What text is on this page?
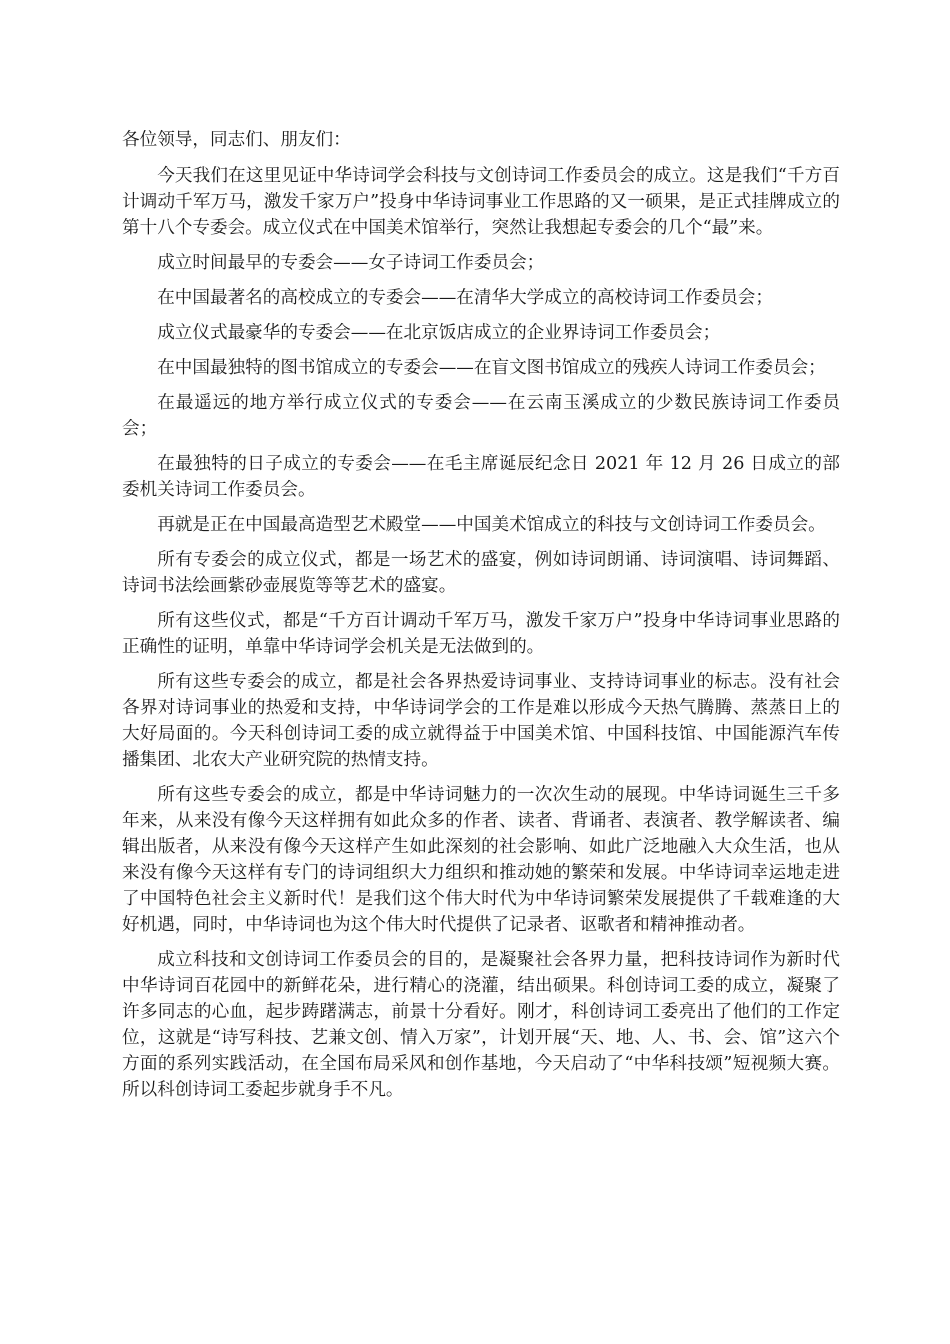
各位领导，同志们、朋友们：

今天我们在这里见证中华诗词学会科技与文创诗词工作委员会的成立。这是我们“千方百计调动千军万马，激发千家万户”投身中华诗词事业工作思路的又一硕果，是正式挂牌成立的第十八个专委会。成立仪式在中国美术馆举行，突然让我想起专委会的几个“最”来。

成立时间最早的专委会——女子诗词工作委员会；

在中国最著名的高校成立的专委会——在清华大学成立的高校诗词工作委员会；

成立仪式最豪华的专委会——在北京饭店成立的企业界诗词工作委员会；

在中国最独特的图书馆成立的专委会——在盲文图书馆成立的残疾人诗词工作委员会；

在最遥远的地方举行成立仪式的专委会——在云南玉溪成立的少数民族诗词工作委员会；

在最独特的日子成立的专委会——在毛主席诞辰纪念日 2021 年 12 月 26 日成立的部委机关诗词工作委员会。

再就是正在中国最高造型艺术殿堂——中国美术馆成立的科技与文创诗词工作委员会。

所有专委会的成立仪式，都是一场艺术的盛宴，例如诗词朗诵、诗词演唱、诗词舞蹈、诗词书法绘画紫砂壶展览等等艺术的盛宴。

所有这些仪式，都是“千方百计调动千军万马，激发千家万户”投身中华诗词事业思路的正确性的证明，单靠中华诗词学会机关是无法做到的。

所有这些专委会的成立，都是社会各界热爱诗词事业、支持诗词事业的标志。没有社会各界对诗词事业的热爱和支持，中华诗词学会的工作是难以形成今天热气腾腾、蒸蒸日上的大好局面的。今天科创诗词工委的成立就得益于中国美术馆、中国科技馆、中国能源汽车传播集团、北农大产业研究院的热情支持。

所有这些专委会的成立，都是中华诗词魅力的一次次生动的展现。中华诗词诞生三千多年来，从来没有像今天这样拥有如此众多的作者、读者、背诵者、表演者、教学解读者、编辑出版者，从来没有像今天这样产生如此深刻的社会影响、如此广泛地融入大众生活，也从来没有像今天这样有专门的诗词组织大力组织和推动她的繁荣和发展。中华诗词幸运地走进了中国特色社会主义新时代！是我们这个伟大时代为中华诗词繁荣发展提供了千载难逢的大好机遇，同时，中华诗词也为这个伟大时代提供了记录者、讴歌者和精神推动者。

成立科技和文创诗词工作委员会的目的，是凝聚社会各界力量，把科技诗词作为新时代中华诗词百花园中的新鲜花朵，进行精心的浇灌，结出硕果。科创诗词工委的成立，凝聚了许多同志的心血，起步踌躇满志，前景十分看好。刚才，科创诗词工委亮出了他们的工作定位，这就是“诗写科技、艺兼文创、情入万家”，计划开展“天、地、人、书、会、馆”这六个方面的系列实践活动，在全国布局采风和创作基地，今天启动了“中华科技颂”短视频大赛。所以科创诗词工委起步就身手不凡。
